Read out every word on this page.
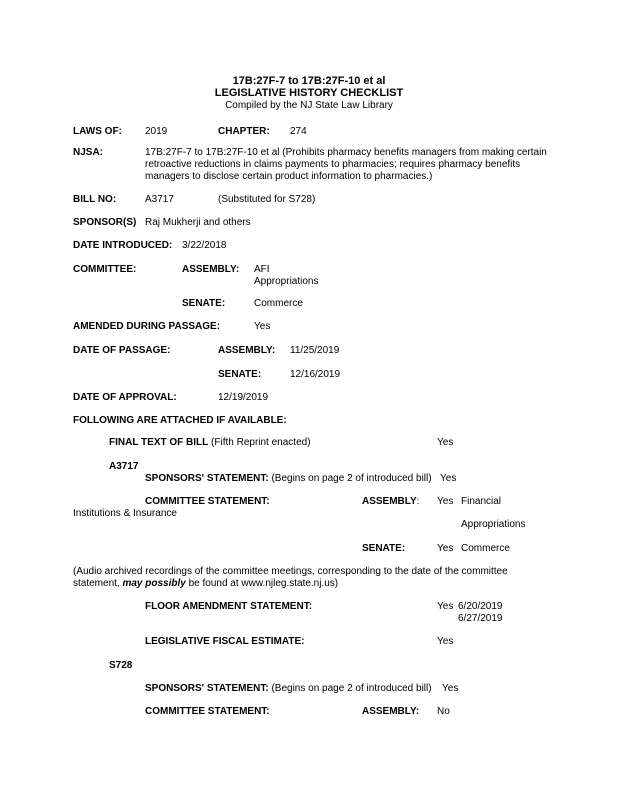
17B:27F-7 to 17B:27F-10 et al
LEGISLATIVE HISTORY CHECKLIST
Compiled by the NJ State Law Library
LAWS OF: 2019	CHAPTER: 274
NJSA:	17B:27F-7 to 17B:27F-10 et al (Prohibits pharmacy benefits managers from making certain
retroactive reductions in claims payments to pharmacies; requires pharmacy benefits
managers to disclose certain product information to pharmacies.)
BILL NO:	A3717	(Substituted for S728)
SPONSOR(S) Raj Mukherji and others
DATE INTRODUCED: 3/22/2018
COMMITTEE:	ASSEMBLY: AFI
Appropriations
SENATE:	Commerce
AMENDED DURING PASSAGE:	Yes
DATE OF PASSAGE:	ASSEMBLY: 11/25/2019
SENATE:	12/16/2019
DATE OF APPROVAL:	12/19/2019
FOLLOWING ARE ATTACHED IF AVAILABLE:
FINAL TEXT OF BILL (Fifth Reprint enacted)	Yes
A3717
SPONSORS' STATEMENT: (Begins on page 2 of introduced bill) Yes
COMMITTEE STATEMENT:	ASSEMBLY: Yes Financial
Institutions & Insurance
Appropriations
SENATE:	Yes Commerce
(Audio archived recordings of the committee meetings, corresponding to the date of the committee
statement, may possibly be found at www.njleg.state.nj.us)
FLOOR AMENDMENT STATEMENT:	Yes 6/20/2019
6/27/2019
LEGISLATIVE FISCAL ESTIMATE:	Yes
S728
SPONSORS' STATEMENT: (Begins on page 2 of introduced bill) Yes
COMMITTEE STATEMENT:	ASSEMBLY: No
